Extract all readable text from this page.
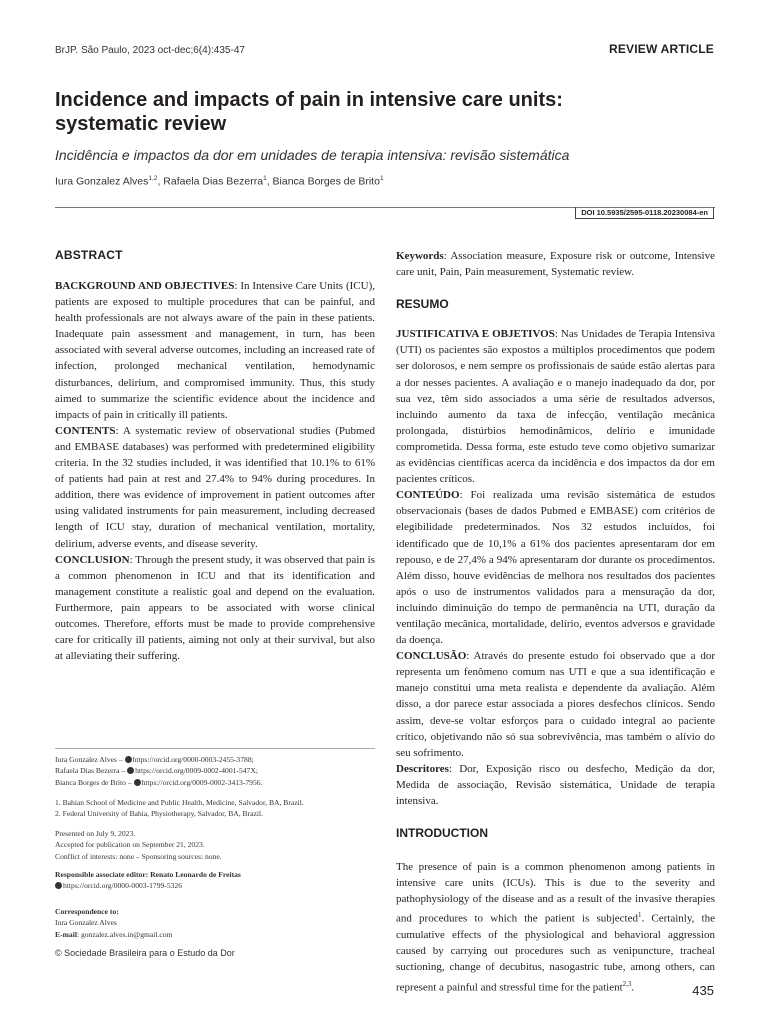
BrJP. São Paulo, 2023 oct-dec;6(4):435-47	REVIEW ARTICLE
Incidence and impacts of pain in intensive care units: systematic review
Incidência e impactos da dor em unidades de terapia intensiva: revisão sistemática
Iura Gonzalez Alves$^{1,2}$, Rafaela Dias Bezerra$^1$, Bianca Borges de Brito$^1$
DOI 10.5935/2595-0118.20230084-en
ABSTRACT

BACKGROUND AND OBJECTIVES: In Intensive Care Units (ICU), patients are exposed to multiple procedures that can be painful, and health professionals are not always aware of the pain in these patients. Inadequate pain assessment and management, in turn, has been associated with several adverse outcomes, including an increased rate of infection, prolonged mechanical ventilation, hemodynamic disturbances, delirium, and compromised immunity. Thus, this study aimed to summarize the scientific evidence about the incidence and impacts of pain in critically ill patients.

CONTENTS: A systematic review of observational studies (Pubmed and EMBASE databases) was performed with predetermined eligibility criteria. In the 32 studies included, it was identified that 10.1% to 61% of patients had pain at rest and 27.4% to 94% during procedures. In addition, there was evidence of improvement in patient outcomes after using validated instruments for pain measurement, including decreased length of ICU stay, duration of mechanical ventilation, mortality, delirium, adverse events, and disease severity.

CONCLUSION: Through the present study, it was observed that pain is a common phenomenon in ICU and that its identification and management constitute a realistic goal and depend on the evaluation. Furthermore, pain appears to be associated with worse clinical outcomes. Therefore, efforts must be made to provide comprehensive care for critically ill patients, aiming not only at their survival, but also at alleviating their suffering.

Keywords: Association measure, Exposure risk or outcome, Intensive care unit, Pain, Pain measurement, Systematic review.

RESUMO

JUSTIFICATIVA E OBJETIVOS: Nas Unidades de Terapia Intensiva (UTI) os pacientes são expostos a múltiplos procedimentos que podem ser dolorosos, e nem sempre os profissionais de saúde estão alertas para a dor nesses pacientes. A avaliação e o manejo inadequado da dor, por sua vez, têm sido associados a uma série de resultados adversos, incluindo aumento da taxa de infecção, ventilação mecânica prolongada, distúrbios hemodinâmicos, delírio e imunidade comprometida. Dessa forma, este estudo teve como objetivo sumarizar as evidências científicas acerca da incidência e dos impactos da dor em pacientes críticos.

CONTEÚDO: Foi realizada uma revisão sistemática de estudos observacionais (bases de dados Pubmed e EMBASE) com critérios de elegibilidade predeterminados. Nos 32 estudos incluídos, foi identificado que de 10,1% a 61% dos pacientes apresentaram dor em repouso, e de 27,4% a 94% apresentaram dor durante os procedimentos. Além disso, houve evidências de melhora nos resultados dos pacientes após o uso de instrumentos validados para a mensuração da dor, incluindo diminuição do tempo de permanência na UTI, duração da ventilação mecânica, mortalidade, delírio, eventos adversos e gravidade da doença.

CONCLUSÃO: Através do presente estudo foi observado que a dor representa um fenômeno comum nas UTI e que a sua identificação e manejo constitui uma meta realista e dependente da avaliação. Além disso, a dor parece estar associada a piores desfechos clínicos. Sendo assim, deve-se voltar esforços para o cuidado integral ao paciente crítico, objetivando não só sua sobrevivência, mas também o alívio do seu sofrimento.

Descritores: Dor, Exposição risco ou desfecho, Medição da dor, Medida de associação, Revisão sistemática, Unidade de terapia intensiva.

INTRODUCTION

The presence of pain is a common phenomenon among patients in intensive care units (ICUs). This is due to the severity and pathophysiology of the disease and as a result of the invasive therapies and procedures to which the patient is subjected$^1$. Certainly, the cumulative effects of the physiological and behavioral aggression caused by carrying out procedures such as venipuncture, tracheal suctioning, change of decubitus, nasogastric tube, among others, can represent a painful and stressful time for the patient$^{2,3}$.

Iura Gonzalez Alves – https://orcid.org/0000-0003-2455-3788;
Rafaela Dias Bezerra – https://orcid.org/0009-0002-4001-547X;
Bianca Borges de Brito – https://orcid.org/0009-0002-3413-7956.
1. Bahian School of Medicine and Public Health, Medicine, Salvador, BA, Brazil.
2. Federal University of Bahia, Physiotherapy, Salvador, BA, Brazil.
Presented on July 9, 2023.
Accepted for publication on September 21, 2023.
Conflict of interests: none – Sponsoring sources: none.
Responsible associate editor: Renato Leonardo de Freitas
https://orcid.org/0000-0003-1799-5326
Correspondence to:
Iura Gonzalez Alves
E-mail: gonzalez.alves.in@gmail.com
© Sociedade Brasileira para o Estudo da Dor
435
